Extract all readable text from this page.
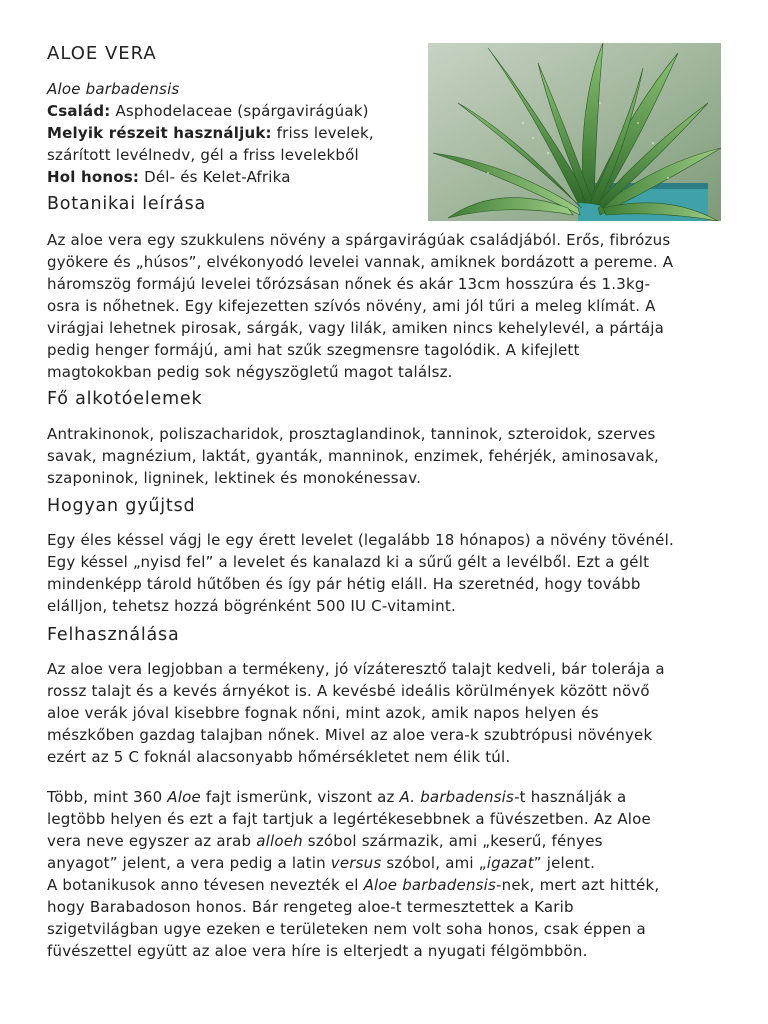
ALOE VERA
Aloe barbadensis
Család: Asphodelaceae (spárgavirágúak)
Melyik részeit használjuk: friss levelek,
szárított levélnedv, gél a friss levelekből
Hol honos: Dél- és Kelet-Afrika
Botanikai leírása
Az aloe vera egy szukkulens növény a spárgavirágúak családjából. Erős, fibrózus
gyökere és „húsos”, elvékonyodó levelei vannak, amiknek bordázott a pereme. A
háromszög formájú levelei tőrózsásan nőnek és akár 13cm hosszúra és 1.3kg-
osra is nőhetnek. Egy kifejezetten szívós növény, ami jól tűri a meleg klímát. A
virágjai lehetnek pirosak, sárgák, vagy lilák, amiken nincs kehelylevél, a pártája
pedig henger formájú, ami hat szűk szegmensre tagolódik. A kifejlett
magtokokban pedig sok négyszögletű magot találsz.
Fő alkotóelemek
Antrakinonok, poliszacharidok, prosztaglandinok, tanninok, szteroidok, szerves
savak, magnézium, laktát, gyanták, manninok, enzimek, fehérjék, aminosavak,
szaponinok, ligninek, lektinek és monokénessav.
Hogyan gyűjtsd
Egy éles késsel vágj le egy érett levelet (legalább 18 hónapos) a növény tövénél.
Egy késsel „nyisd fel” a levelet és kanalazd ki a sűrű gélt a levélből. Ezt a gélt
mindenképp tárold hűtőben és így pár hétig eláll. Ha szeretnéd, hogy tovább
elálljon, tehetsz hozzá bögrénként 500 IU C-vitamint.
Felhasználása
Az aloe vera legjobban a termékeny, jó vízáteresztő talajt kedveli, bár tolerája a
rossz talajt és a kevés árnyékot is. A kevésbé ideális körülmények között növő
aloe verák jóval kisebbre fognak nőni, mint azok, amik napos helyen és
mészkőben gazdag talajban nőnek. Mivel az aloe vera-k szubtrópusi növények
ezért az 5 C foknál alacsonyabb hőmérsékletet nem élik túl.
Több, mint 360 Aloe fajt ismerünk, viszont az A. barbadensis-t használják a
legtöbb helyen és ezt a fajt tartjuk a legértékesebbnek a füvészetben. Az Aloe
vera neve egyszer az arab alloeh szóbol származik, ami „keserű, fényes
anyagot” jelent, a vera pedig a latin versus szóbol, ami „igazat” jelent.
A botanikusok anno tévesen nevezték el Aloe barbadensis-nek, mert azt hitték,
hogy Barabadoson honos. Bár rengeteg aloe-t termesztettek a Karib
szigetvilágban ugye ezeken e területeken nem volt soha honos, csak éppen a
füvészettel együtt az aloe vera híre is elterjedt a nyugati félgömbbön.
